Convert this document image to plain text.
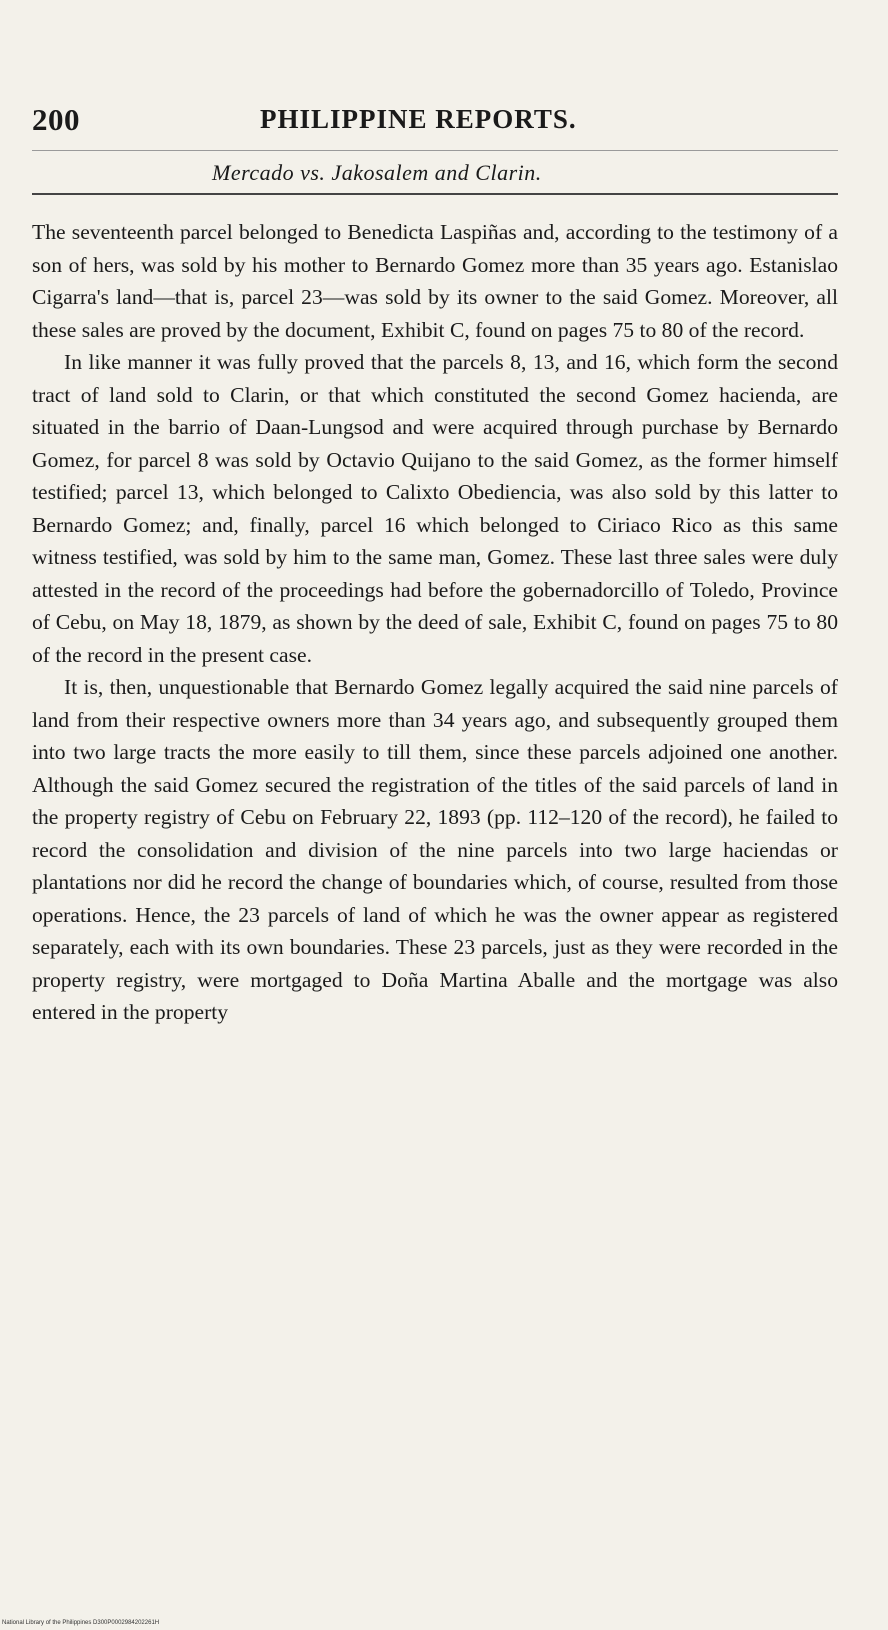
200	PHILIPPINE REPORTS.
Mercado vs. Jakosalem and Clarin.

The seventeenth parcel belonged to Benedicta Laspiñas and, according to the testimony of a son of hers, was sold by his mother to Bernardo Gomez more than 35 years ago. Estanislao Cigarra's land—that is, parcel 23—was sold by its owner to the said Gomez. Moreover, all these sales are proved by the document, Exhibit C, found on pages 75 to 80 of the record.

In like manner it was fully proved that the parcels 8, 13, and 16, which form the second tract of land sold to Clarin, or that which constituted the second Gomez hacienda, are situated in the barrio of Daan-Lungsod and were acquired through purchase by Bernardo Gomez, for parcel 8 was sold by Octavio Quijano to the said Gomez, as the former himself testified; parcel 13, which belonged to Calixto Obediencia, was also sold by this latter to Bernardo Gomez; and, finally, parcel 16 which belonged to Ciriaco Rico as this same witness testified, was sold by him to the same man, Gomez. These last three sales were duly attested in the record of the proceedings had before the gobernadorcillo of Toledo, Province of Cebu, on May 18, 1879, as shown by the deed of sale, Exhibit C, found on pages 75 to 80 of the record in the present case.

It is, then, unquestionable that Bernardo Gomez legally acquired the said nine parcels of land from their respective owners more than 34 years ago, and subsequently grouped them into two large tracts the more easily to till them, since these parcels adjoined one another. Although the said Gomez secured the registration of the titles of the said parcels of land in the property registry of Cebu on February 22, 1893 (pp. 112–120 of the record), he failed to record the consolidation and division of the nine parcels into two large haciendas or plantations nor did he record the change of boundaries which, of course, resulted from those operations. Hence, the 23 parcels of land of which he was the owner appear as registered separately, each with its own boundaries. These 23 parcels, just as they were recorded in the property registry, were mortgaged to Doña Martina Aballe and the mortgage was also entered in the property

National Library of the Philippines D300P0002984202261H
